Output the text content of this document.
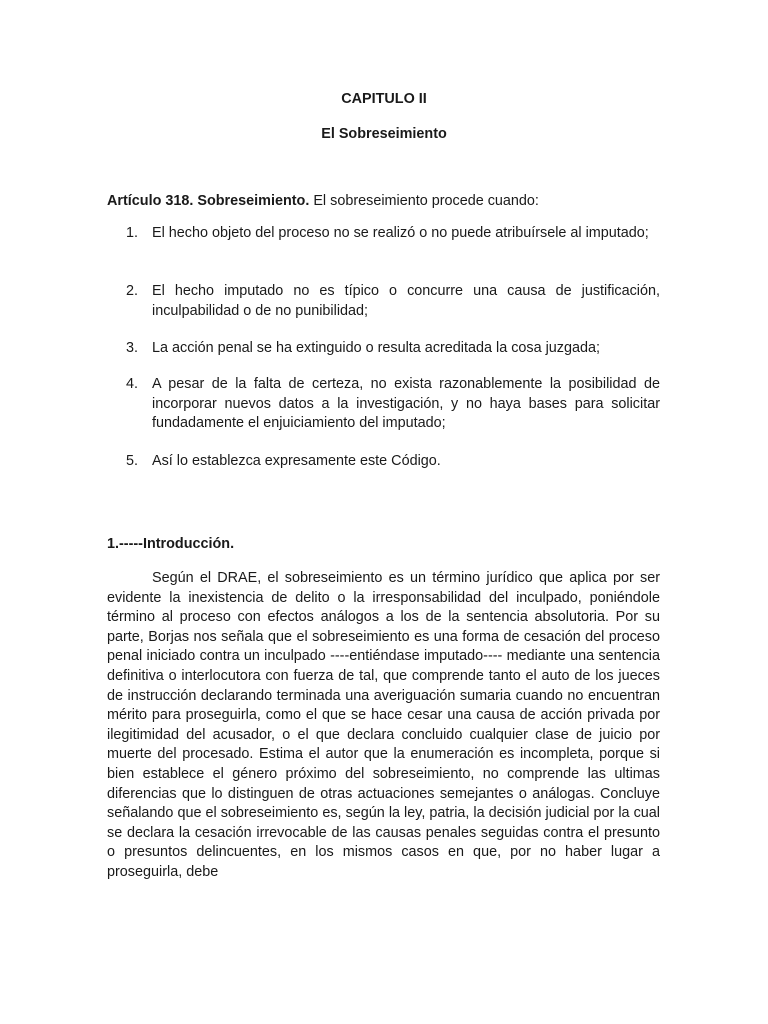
CAPITULO II
El Sobreseimiento
Artículo 318. Sobreseimiento. El sobreseimiento procede cuando:
1. El hecho objeto del proceso no se realizó o no puede atribuírsele al imputado;
2. El hecho imputado no es típico o concurre una causa de justificación, inculpabilidad o de no punibilidad;
3. La acción penal se ha extinguido o resulta acreditada la cosa juzgada;
4. A pesar de la falta de certeza, no exista razonablemente la posibilidad de incorporar nuevos datos a la investigación, y no haya bases para solicitar fundadamente el enjuiciamiento del imputado;
5. Así lo establezca expresamente este Código.
1.-----Introducción.

Según el DRAE, el sobreseimiento es un término jurídico que aplica por ser evidente la inexistencia de delito o la irresponsabilidad del inculpado, poniéndole término al proceso con efectos análogos a los de la sentencia absolutoria. Por su parte, Borjas nos señala que el sobreseimiento es una forma de cesación del proceso penal iniciado contra un inculpado ----entiéndase imputado---- mediante una sentencia definitiva o interlocutora con fuerza de tal, que comprende tanto el auto de los jueces de instrucción declarando terminada una averiguación sumaria cuando no encuentran mérito para proseguirla, como el que se hace cesar una causa de acción privada por ilegitimidad del acusador, o el que declara concluido cualquier clase de juicio por muerte del procesado. Estima el autor que la enumeración es incompleta, porque si bien establece el género próximo del sobreseimiento, no comprende las ultimas diferencias que lo distinguen de otras actuaciones semejantes o análogas. Concluye señalando que el sobreseimiento es, según la ley, patria, la decisión judicial por la cual se declara la cesación irrevocable de las causas penales seguidas contra el presunto o presuntos delincuentes, en los mismos casos en que, por no haber lugar a proseguirla, debe
